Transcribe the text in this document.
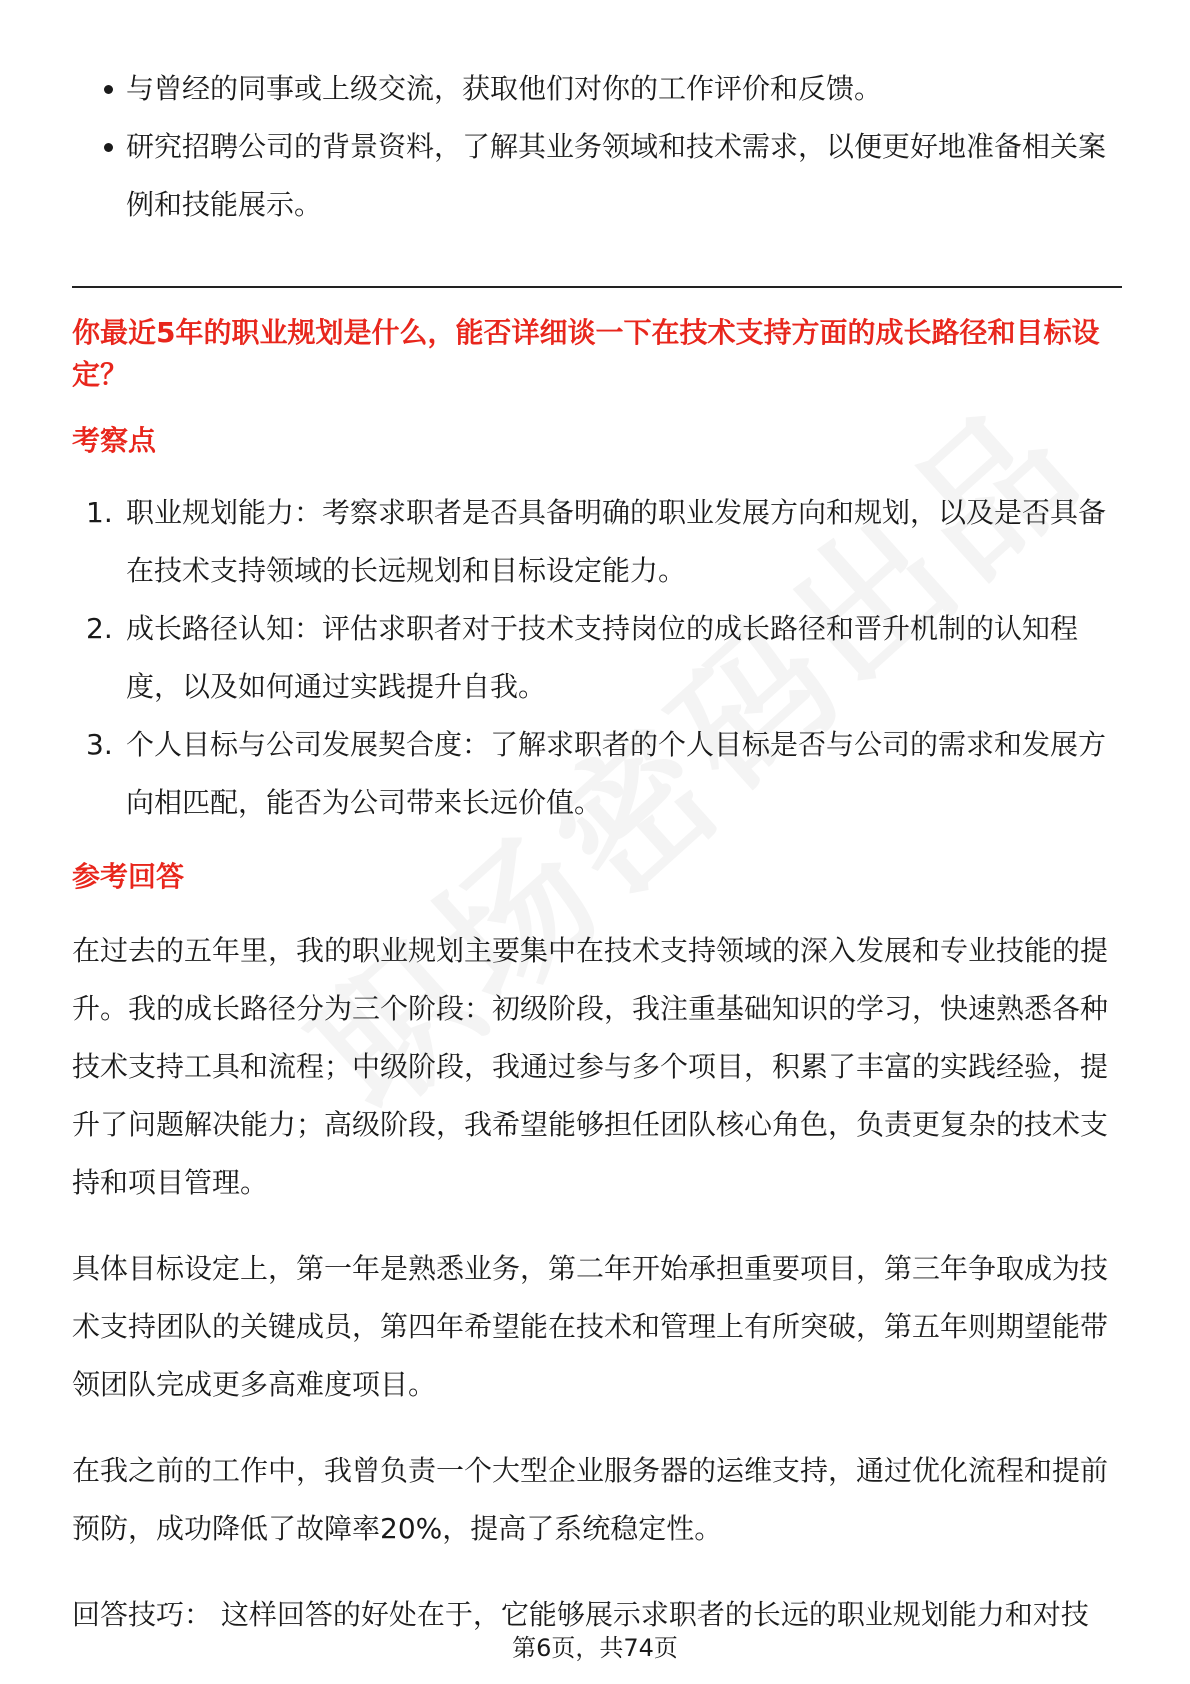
与曾经的同事或上级交流，获取他们对你的工作评价和反馈。
研究招聘公司的背景资料，了解其业务领域和技术需求，以便更好地准备相关案例和技能展示。
你最近5年的职业规划是什么，能否详细谈一下在技术支持方面的成长路径和目标设定？
考察点
1. 职业规划能力：考察求职者是否具备明确的职业发展方向和规划，以及是否具备在技术支持领域的长远规划和目标设定能力。
2. 成长路径认知：评估求职者对于技术支持岗位的成长路径和晋升机制的认知程度，以及如何通过实践提升自我。
3. 个人目标与公司发展契合度：了解求职者的个人目标是否与公司的需求和发展方向相匹配，能否为公司带来长远价值。
参考回答

在过去的五年里，我的职业规划主要集中在技术支持领域的深入发展和专业技能的提升。我的成长路径分为三个阶段：初级阶段，我注重基础知识的学习，快速熟悉各种技术支持工具和流程；中级阶段，我通过参与多个项目，积累了丰富的实践经验，提升了问题解决能力；高级阶段，我希望能够担任团队核心角色，负责更复杂的技术支持和项目管理。

具体目标设定上，第一年是熟悉业务，第二年开始承担重要项目，第三年争取成为技术支持团队的关键成员，第四年希望能在技术和管理上有所突破，第五年则期望能带领团队完成更多高难度项目。

在我之前的工作中，我曾负责一个大型企业服务器的运维支持，通过优化流程和提前预防，成功降低了故障率20%，提高了系统稳定性。

回答技巧： 这样回答的好处在于，它能够展示求职者的长远的职业规划能力和对技

第6页，共74页
